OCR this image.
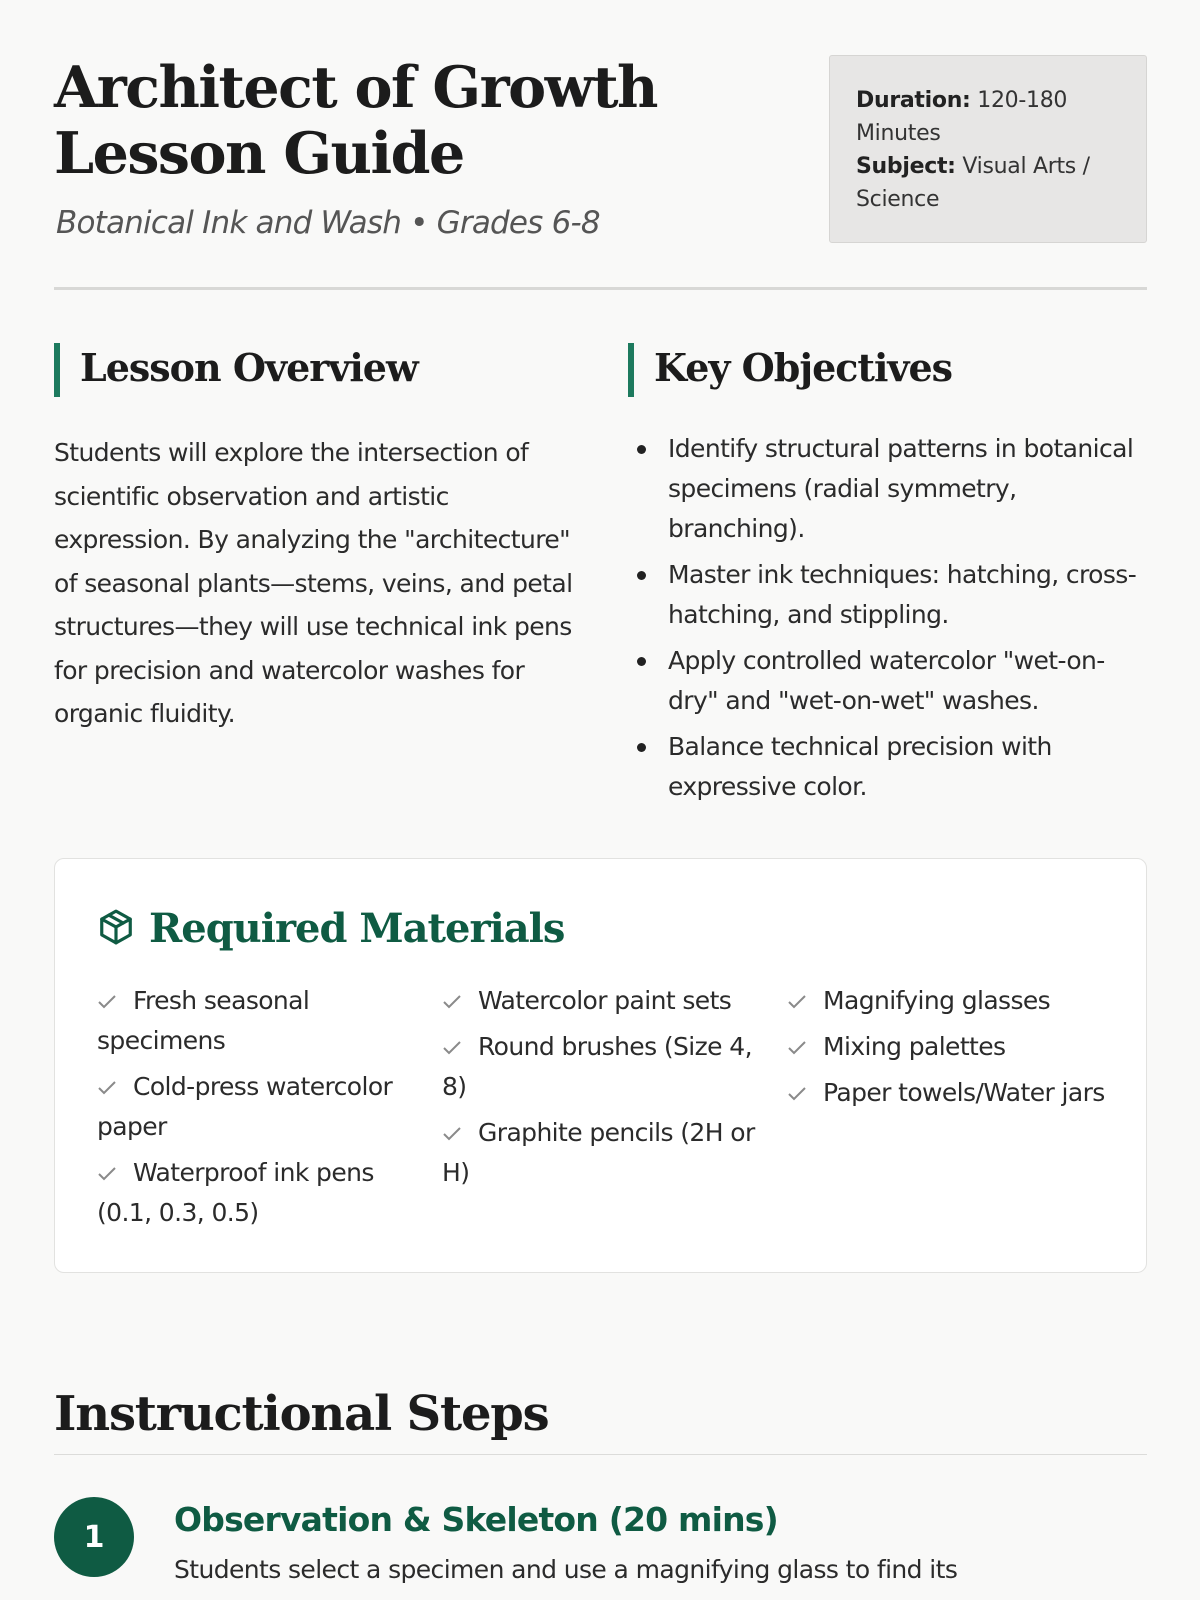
Architect of Growth Lesson Guide
Botanical Ink and Wash • Grades 6-8
Duration: 120-180 Minutes
Subject: Visual Arts / Science
Lesson Overview

Students will explore the intersection of scientific observation and artistic expression. By analyzing the "architecture" of seasonal plants—stems, veins, and petal structures—they will use technical ink pens for precision and watercolor washes for organic fluidity.

Key Objectives
Identify structural patterns in botanical specimens (radial symmetry, branching).
Master ink techniques: hatching, cross-hatching, and stippling.
Apply controlled watercolor "wet-on-dry" and "wet-on-wet" washes.
Balance technical precision with expressive color.
Required Materials
Fresh seasonal specimens
Cold-press watercolor paper
Waterproof ink pens (0.1, 0.3, 0.5)
Watercolor paint sets
Round brushes (Size 4, 8)
Graphite pencils (2H or H)
Magnifying glasses
Mixing palettes
Paper towels/Water jars
Instructional Steps
1	Observation & Skeleton (20 mins)

Students select a specimen and use a magnifying glass to find its
